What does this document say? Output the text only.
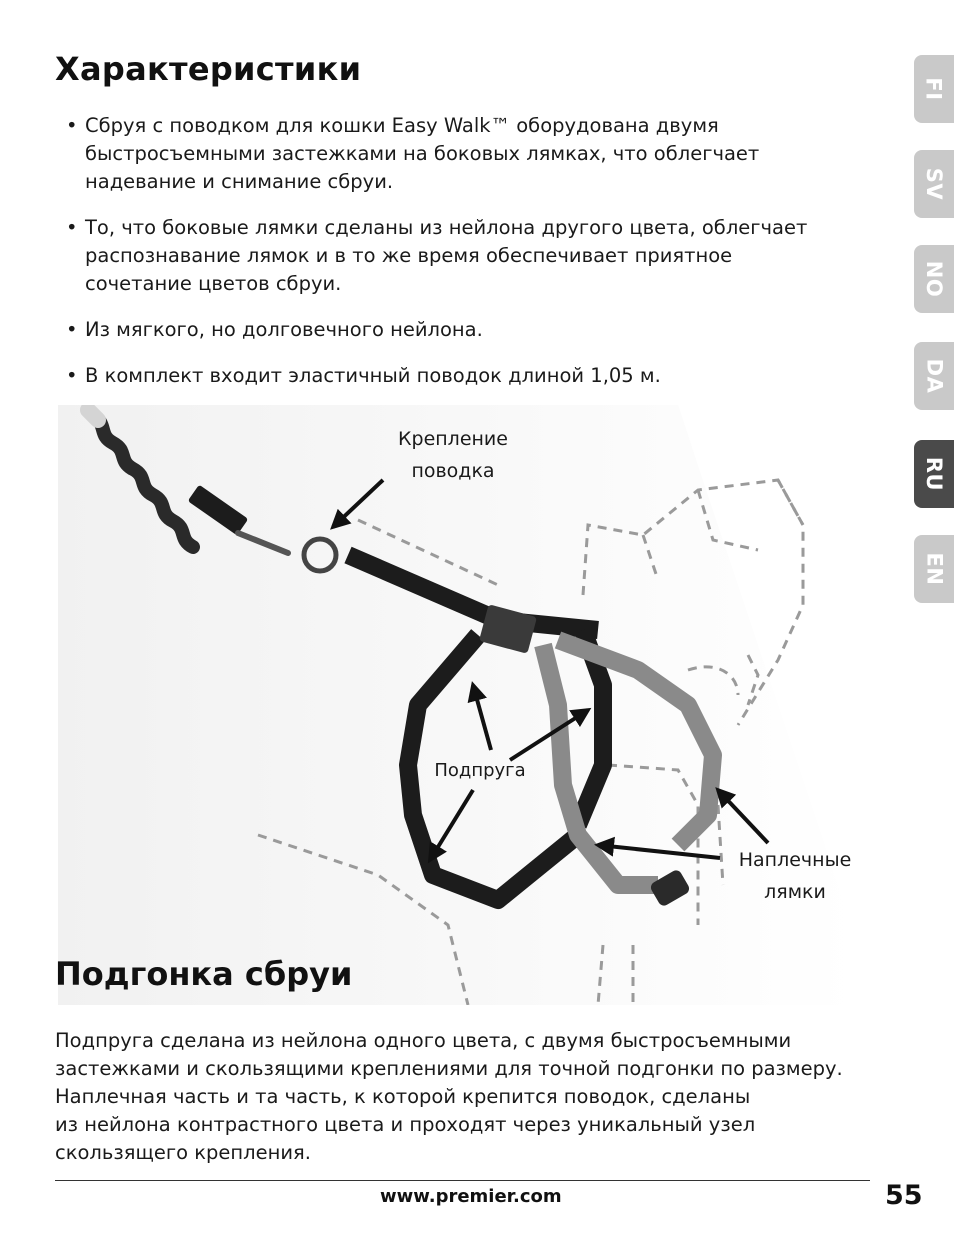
Характеристики
• Сбруя с поводком для кошки Easy Walk™ оборудована двумя
быстросъемными застежками на боковых лямках, что облегчает
надевание и снимание сбруи.
• То, что боковые лямки сделаны из нейлона другого цвета, облегчает
распознавание лямок и в то же время обеспечивает приятное
сочетание цветов сбруи.
• Из мягкого, но долговечного нейлона.
• В комплект входит эластичный поводок длиной 1,05 м.
Крепление
поводка
Подпруга
Наплечные
лямки
Подгонка сбруи

Подпруга сделана из нейлона одного цвета, с двумя быстросъемными
застежками и скользящими креплениями для точной подгонки по размеру.
Наплечная часть и та часть, к которой крепится поводок, сделаны
из нейлона контрастного цвета и проходят через уникальный узел
скользящего крепления.

www.premier.com	55
FI
SV
NO
DA
RU
EN
